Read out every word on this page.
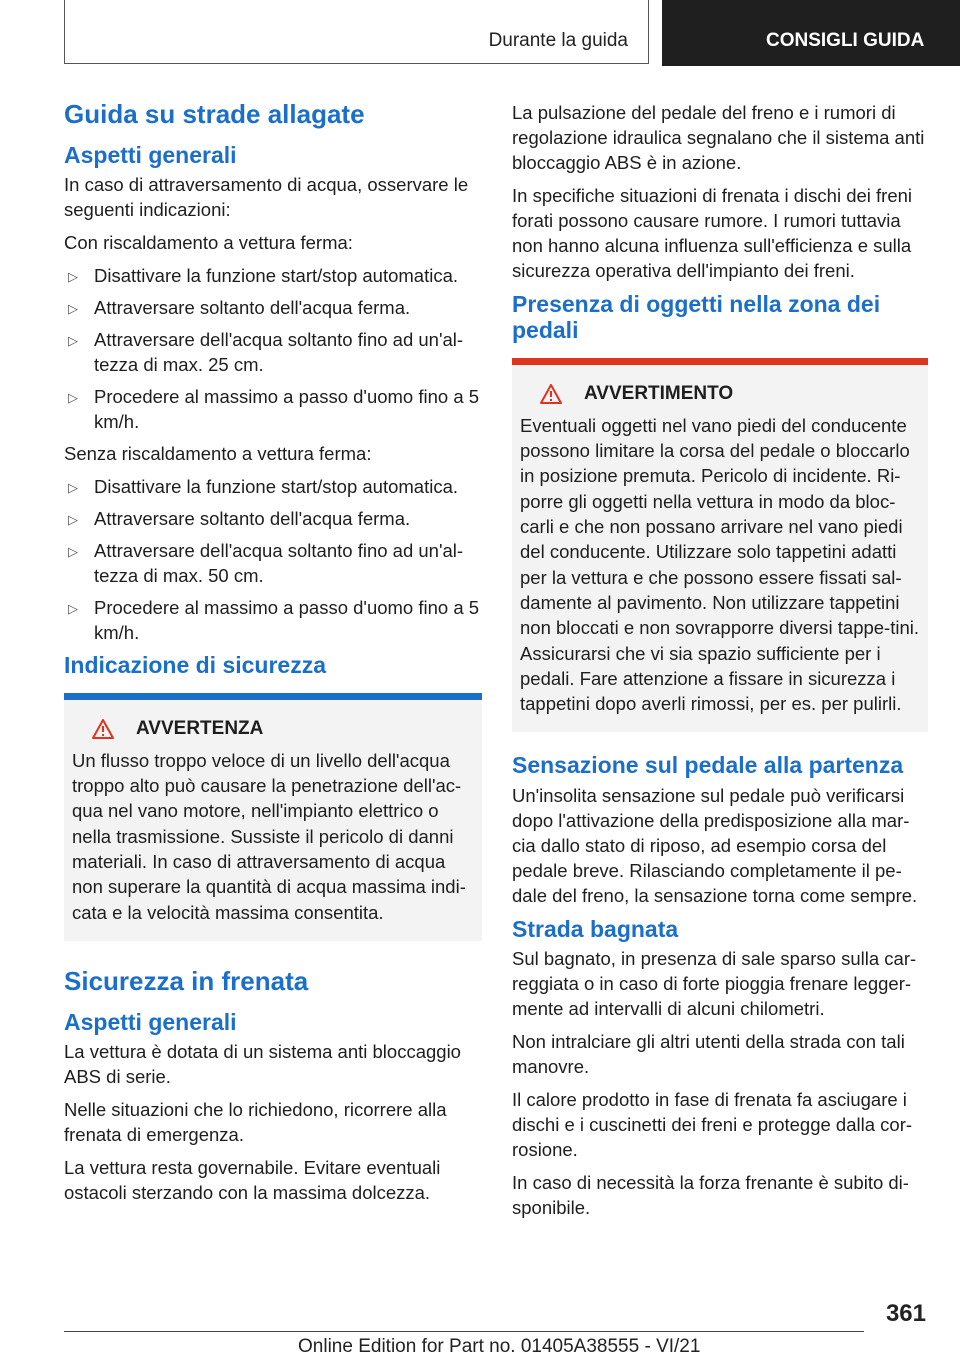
Durante la guida	CONSIGLI GUIDA
Guida su strade allagate
Aspetti generali

In caso di attraversamento di acqua, osservare le seguenti indicazioni:

Con riscaldamento a vettura ferma:

▷ Disattivare la funzione start/stop automatica.
▷ Attraversare soltanto dell'acqua ferma.
▷ Attraversare dell'acqua soltanto fino ad un'al-tezza di max. 25 cm.
▷ Procedere al massimo a passo d'uomo fino a 5 km/h.

Senza riscaldamento a vettura ferma:

▷ Disattivare la funzione start/stop automatica.
▷ Attraversare soltanto dell'acqua ferma.
▷ Attraversare dell'acqua soltanto fino ad un'al-tezza di max. 50 cm.
▷ Procedere al massimo a passo d'uomo fino a 5 km/h.
Indicazione di sicurezza
AVVERTENZA

Un flusso troppo veloce di un livello dell'acqua troppo alto può causare la penetrazione dell'ac-qua nel vano motore, nell'impianto elettrico o nella trasmissione. Sussiste il pericolo di danni materiali. In caso di attraversamento di acqua non superare la quantità di acqua massima indi-cata e la velocità massima consentita.

Sicurezza in frenata
Aspetti generali

La vettura è dotata di un sistema anti bloccaggio ABS di serie.

Nelle situazioni che lo richiedono, ricorrere alla frenata di emergenza.

La vettura resta governabile. Evitare eventuali ostacoli sterzando con la massima dolcezza.

La pulsazione del pedale del freno e i rumori di regolazione idraulica segnalano che il sistema anti bloccaggio ABS è in azione.

In specifiche situazioni di frenata i dischi dei freni forati possono causare rumore. I rumori tuttavia non hanno alcuna influenza sull'efficienza e sulla sicurezza operativa dell'impianto dei freni.

Presenza di oggetti nella zona dei pedali
AVVERTIMENTO

Eventuali oggetti nel vano piedi del conducente possono limitare la corsa del pedale o bloccarlo in posizione premuta. Pericolo di incidente. Ri-porre gli oggetti nella vettura in modo da bloc-carli e che non possano arrivare nel vano piedi del conducente. Utilizzare solo tappetini adatti per la vettura e che possono essere fissati sal-damente al pavimento. Non utilizzare tappetini non bloccati e non sovrapporre diversi tappe-tini. Assicurarsi che vi sia spazio sufficiente per i pedali. Fare attenzione a fissare in sicurezza i tappetini dopo averli rimossi, per es. per pulirli.

Sensazione sul pedale alla partenza

Un'insolita sensazione sul pedale può verificarsi dopo l'attivazione della predisposizione alla mar-cia dallo stato di riposo, ad esempio corsa del pedale breve. Rilasciando completamente il pe-dale del freno, la sensazione torna come sempre.

Strada bagnata

Sul bagnato, in presenza di sale sparso sulla car-reggiata o in caso di forte pioggia frenare legger-mente ad intervalli di alcuni chilometri.

Non intralciare gli altri utenti della strada con tali manovre.

Il calore prodotto in fase di frenata fa asciugare i dischi e i cuscinetti dei freni e protegge dalla cor-rosione.

In caso di necessità la forza frenante è subito di-sponibile.

361
Online Edition for Part no. 01405A38555 - VI/21
